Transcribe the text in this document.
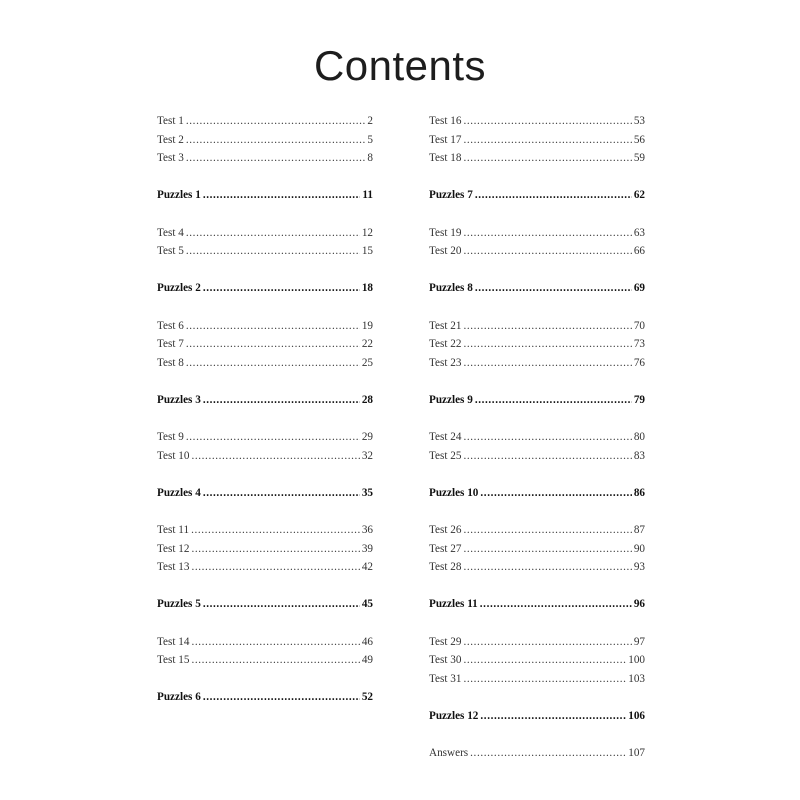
Contents
Test 1 .....	2
Test 2 .....	5
Test 3 .....	8
Puzzles 1 .....	11
Test 4 .....	12
Test 5 .....	15
Puzzles 2 .....	18
Test 6 .....	19
Test 7 .....	22
Test 8 .....	25
Puzzles 3 .....	28
Test 9 .....	29
Test 10 .....	32
Puzzles 4 .....	35
Test 11 .....	36
Test 12 .....	39
Test 13 .....	42
Puzzles 5 .....	45
Test 14 .....	46
Test 15 .....	49
Puzzles 6 .....	52
Test 16 .....	53
Test 17 .....	56
Test 18 .....	59
Puzzles 7 .....	62
Test 19 .....	63
Test 20 .....	66
Puzzles 8 .....	69
Test 21 .....	70
Test 22 .....	73
Test 23 .....	76
Puzzles 9 .....	79
Test 24 .....	80
Test 25 .....	83
Puzzles 10 .....	86
Test 26 .....	87
Test 27 .....	90
Test 28 .....	93
Puzzles 11 .....	96
Test 29 .....	97
Test 30 .....	100
Test 31 .....	103
Puzzles 12 .....	106
Answers .....	107
